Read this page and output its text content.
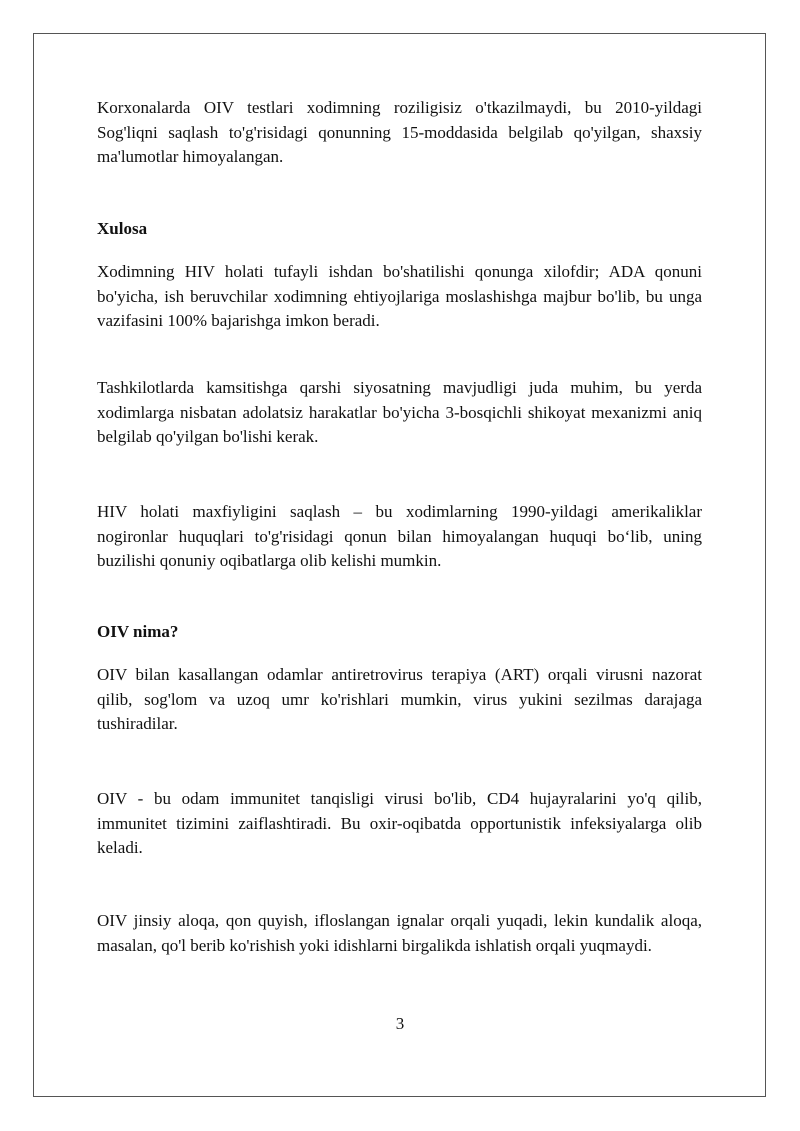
Korxonalarda OIV testlari xodimning roziligisiz o'tkazilmaydi, bu 2010-yildagi Sog'liqni saqlash to'g'risidagi qonunning 15-moddasida belgilab qo'yilgan, shaxsiy ma'lumotlar himoyalangan.

Xulosa

Xodimning HIV holati tufayli ishdan bo'shatilishi qonunga xilofdir; ADA qonuni bo'yicha, ish beruvchilar xodimning ehtiyojlariga moslashishga majbur bo'lib, bu unga vazifasini 100% bajarishga imkon beradi.

Tashkilotlarda kamsitishga qarshi siyosatning mavjudligi juda muhim, bu yerda xodimlarga nisbatan adolatsiz harakatlar bo'yicha 3-bosqichli shikoyat mexanizmi aniq belgilab qo'yilgan bo'lishi kerak.

HIV holati maxfiyligini saqlash – bu xodimlarning 1990-yildagi amerikaliklar nogironlar huquqlari to'g'risidagi qonun bilan himoyalangan huquqi bo‘lib, uning buzilishi qonuniy oqibatlarga olib kelishi mumkin.

OIV nima?

OIV bilan kasallangan odamlar antiretrovirus terapiya (ART) orqali virusni nazorat qilib, sog'lom va uzoq umr ko'rishlari mumkin, virus yukini sezilmas darajaga tushiradilar.

OIV - bu odam immunitet tanqisligi virusi bo'lib, CD4 hujayralarini yo'q qilib, immunitet tizimini zaiflashtiradi. Bu oxir-oqibatda opportunistik infeksiyalarga olib keladi.

OIV jinsiy aloqa, qon quyish, ifloslangan ignalar orqali yuqadi, lekin kundalik aloqa, masalan, qo'l berib ko'rishish yoki idishlarni birgalikda ishlatish orqali yuqmaydi.

3
